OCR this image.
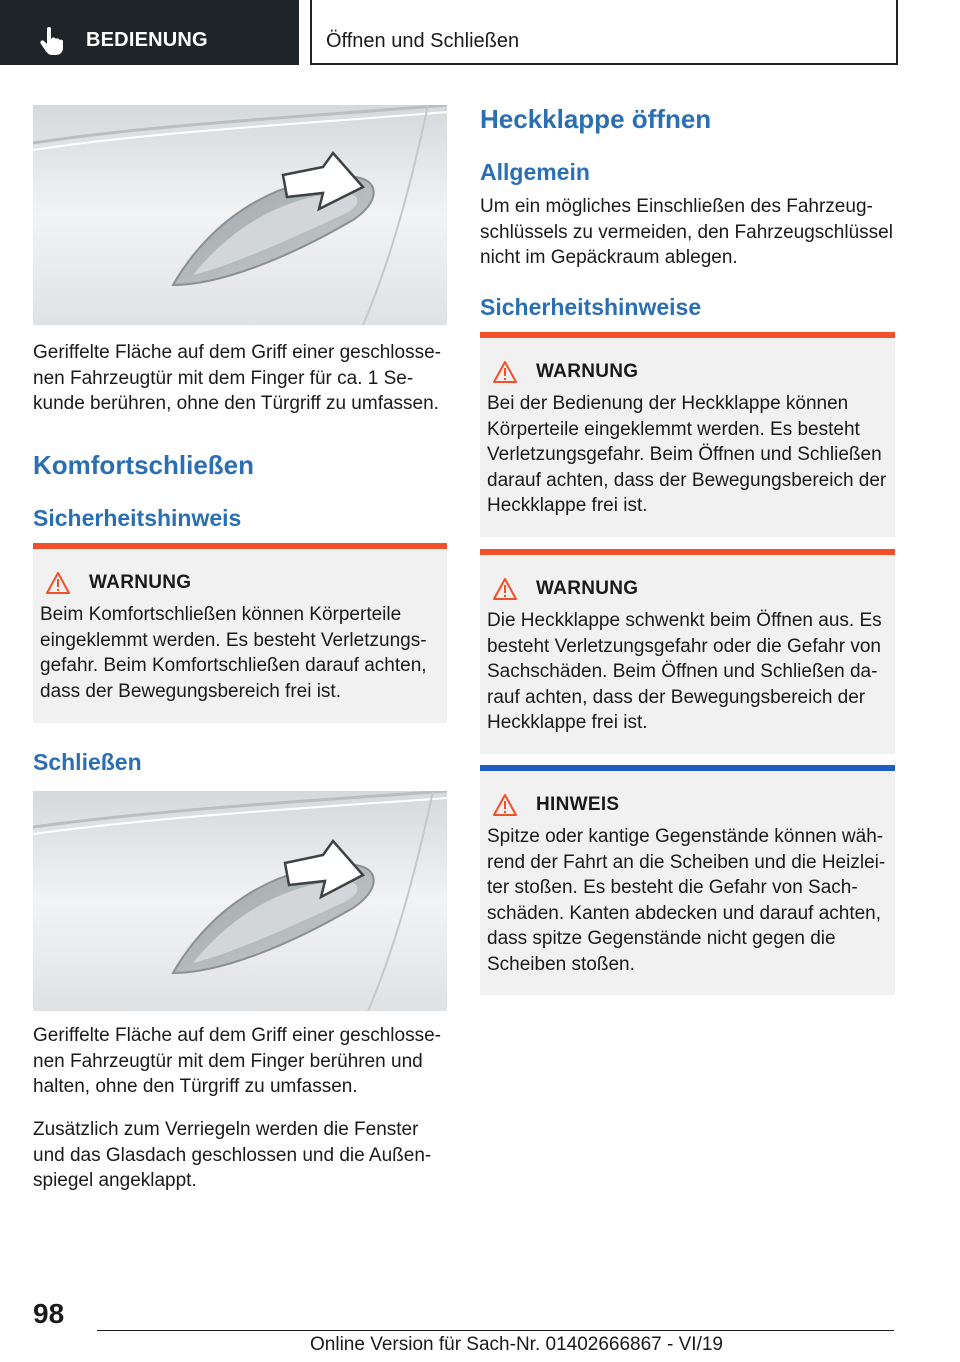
BEDIENUNG	Öffnen und Schließen

Geriffelte Fläche auf dem Griff einer geschlosse-nen Fahrzeugtür mit dem Finger für ca. 1 Se-kunde berühren, ohne den Türgriff zu umfassen.

Komfortschließen
Sicherheitshinweis
WARNUNG

Beim Komfortschließen können Körperteile eingeklemmt werden. Es besteht Verletzungs-gefahr. Beim Komfortschließen darauf achten, dass der Bewegungsbereich frei ist.

Schließen

Geriffelte Fläche auf dem Griff einer geschlosse-nen Fahrzeugtür mit dem Finger berühren und halten, ohne den Türgriff zu umfassen.

Zusätzlich zum Verriegeln werden die Fenster und das Glasdach geschlossen und die Außen-spiegel angeklappt.

Heckklappe öffnen
Allgemein

Um ein mögliches Einschließen des Fahrzeug-schlüssels zu vermeiden, den Fahrzeugschlüssel nicht im Gepäckraum ablegen.

Sicherheitshinweise
WARNUNG

Bei der Bedienung der Heckklappe können Körperteile eingeklemmt werden. Es besteht Verletzungsgefahr. Beim Öffnen und Schließen darauf achten, dass der Bewegungsbereich der Heckklappe frei ist.

WARNUNG

Die Heckklappe schwenkt beim Öffnen aus. Es besteht Verletzungsgefahr oder die Gefahr von Sachschäden. Beim Öffnen und Schließen da-rauf achten, dass der Bewegungsbereich der Heckklappe frei ist.

HINWEIS

Spitze oder kantige Gegenstände können wäh-rend der Fahrt an die Scheiben und die Heizlei-ter stoßen. Es besteht die Gefahr von Sach-schäden. Kanten abdecken und darauf achten, dass spitze Gegenstände nicht gegen die Scheiben stoßen.

98
Online Version für Sach-Nr. 01402666867 - VI/19
